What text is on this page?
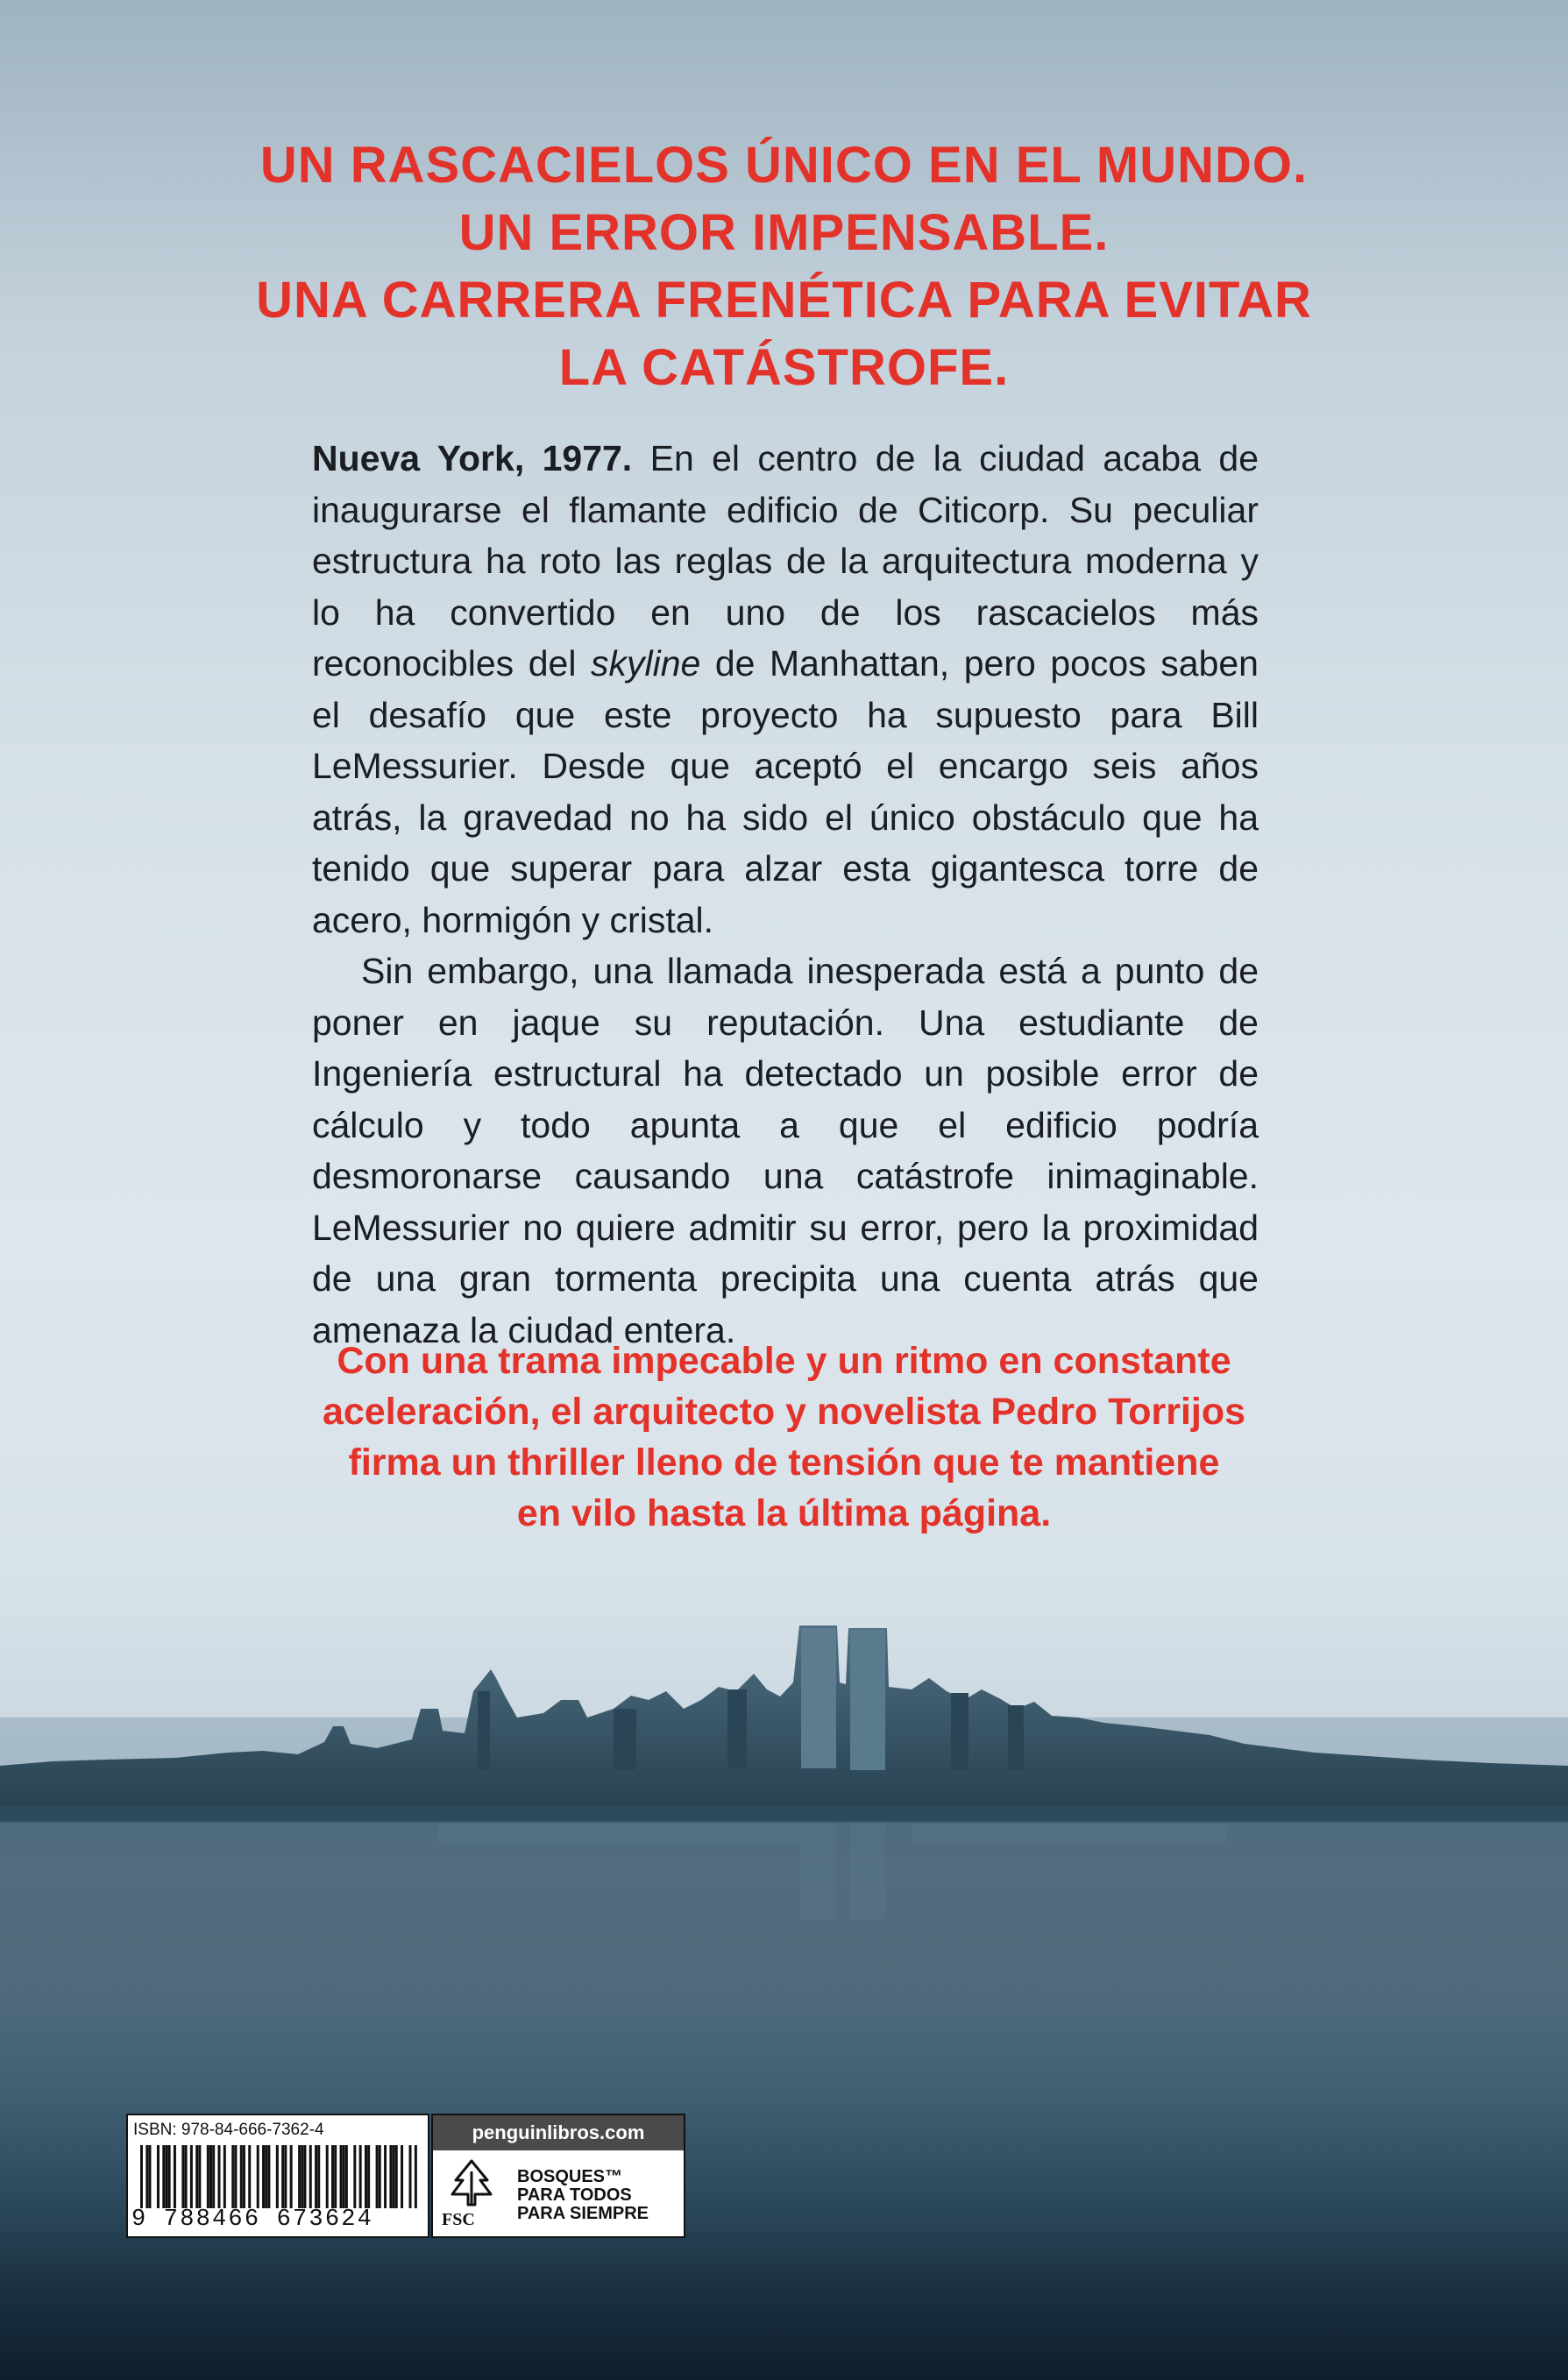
UN RASCACIELOS ÚNICO EN EL MUNDO.
UN ERROR IMPENSABLE.
UNA CARRERA FRENÉTICA PARA EVITAR
LA CATÁSTROFE.

Nueva York, 1977. En el centro de la ciudad acaba de inaugurarse el flamante edificio de Citicorp. Su peculiar estructura ha roto las reglas de la arquitectura moderna y lo ha convertido en uno de los rascacielos más reconocibles del skyline de Manhattan, pero pocos saben el desafío que este proyecto ha supuesto para Bill LeMessurier. Desde que aceptó el encargo seis años atrás, la gravedad no ha sido el único obstáculo que ha tenido que superar para alzar esta gigantesca torre de acero, hormigón y cristal.

Sin embargo, una llamada inesperada está a punto de poner en jaque su reputación. Una estudiante de Ingeniería estructural ha detectado un posible error de cálculo y todo apunta a que el edificio podría desmoronarse causando una catástrofe inimaginable. LeMessurier no quiere admitir su error, pero la proximidad de una gran tormenta precipita una cuenta atrás que amenaza la ciudad entera.

Con una trama impecable y un ritmo en constante
aceleración, el arquitecto y novelista Pedro Torrijos
firma un thriller lleno de tensión que te mantiene
en vilo hasta la última página.
ISBN: 978-84-666-7362-4
9 788466 673624
penguinlibros.com
FSC
BOSQUES™
PARA TODOS
PARA SIEMPRE
